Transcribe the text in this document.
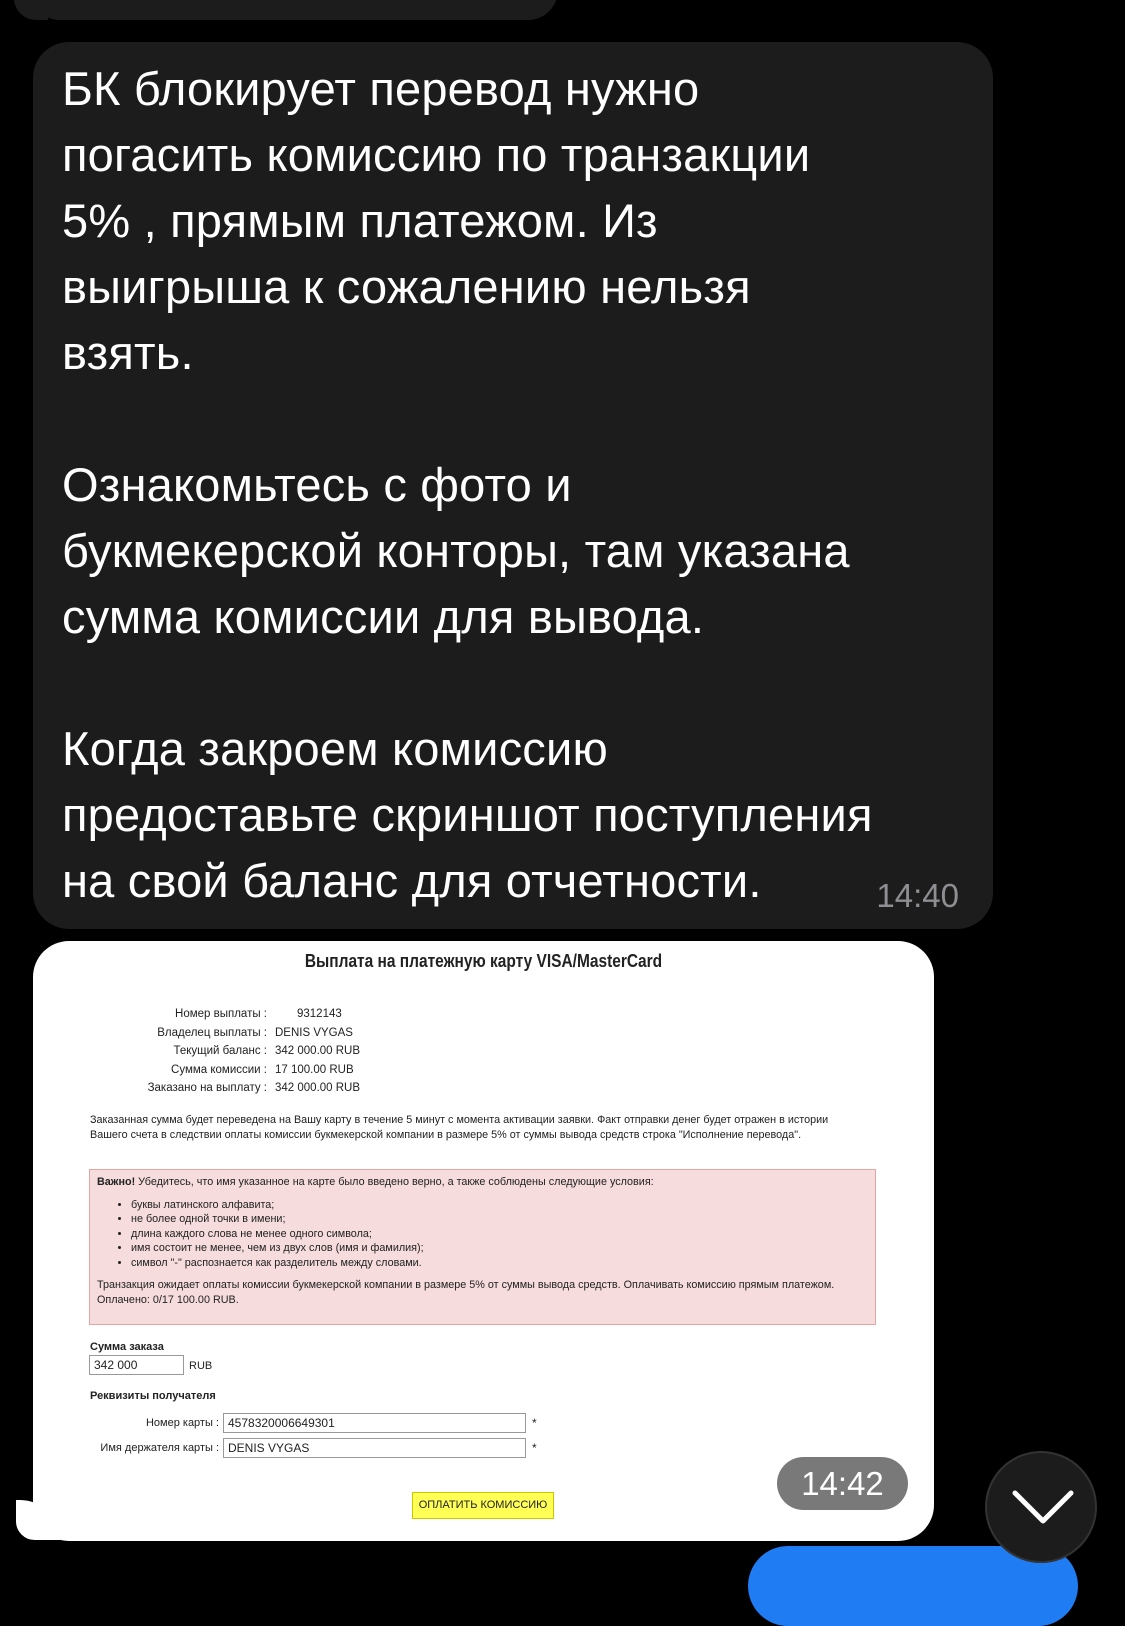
БК блокирует перевод нужно
погасить комиссию по транзакции
5% , прямым платежом. Из
выигрыша к сожалению нельзя
взять.

Ознакомьтесь с фото и
букмекерской конторы, там указана
сумма комиссии для вывода.

Когда закроем комиссию
предоставьте скриншот поступления
на свой баланс для отчетности.	14:40
Выплата на платежную карту VISA/MasterCard
Номер выплаты :	9312143
Владелец выплаты : DENIS VYGAS
Текущий баланс : 342 000.00 RUB
Сумма комиссии : 17 100.00 RUB
Заказано на выплату : 342 000.00 RUB
Заказанная сумма будет переведена на Вашу карту в течение 5 минут с момента активации заявки. Факт отправки денег будет отражен в истории Вашего счета в следствии оплаты комиссии букмекерской компании в размере 5% от суммы вывода средств строка "Исполнение перевода".
Важно! Убедитесь, что имя указанное на карте было введено верно, а также соблюдены следующие условия:
• буквы латинского алфавита;
• не более одной точки в имени;
• длина каждого слова не менее одного символа;
• имя состоит не менее, чем из двух слов (имя и фамилия);
• символ "-" распознается как разделитель между словами.
Транзакция ожидает оплаты комиссии букмекерской компании в размере 5% от суммы вывода средств. Оплачивать комиссию прямым платежом. Оплачено: 0/17 100.00 RUB.
Сумма заказа
342 000	RUB
Реквизиты получателя
Номер карты : 4578320006649301	*
Имя держателя карты : DENIS VYGAS	*
ОПЛАТИТЬ КОМИССИЮ
14:42
